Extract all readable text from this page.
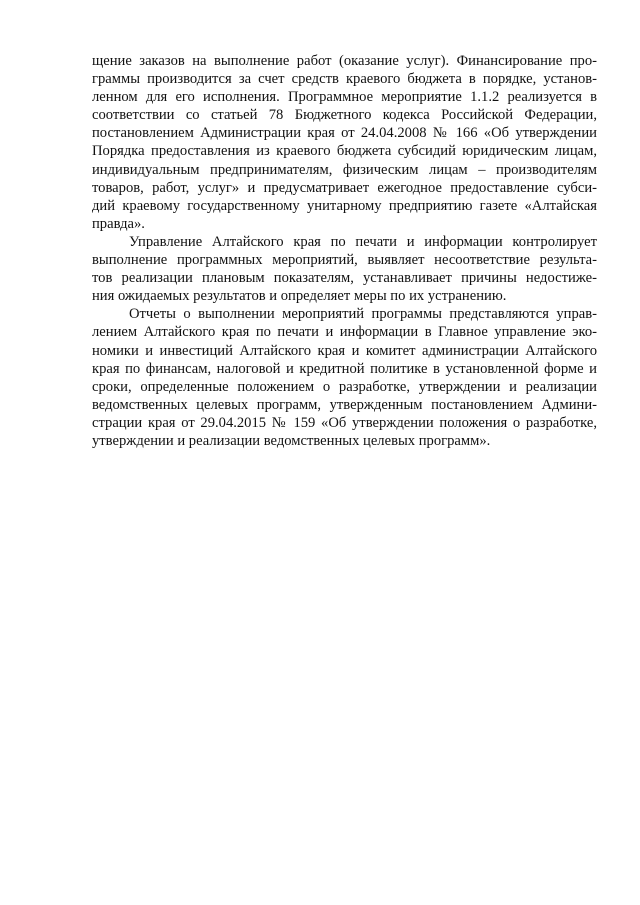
щение заказов на выполнение работ (оказание услуг). Финансирование про-
граммы производится за счет средств краевого бюджета в порядке, установ-
ленном для его исполнения. Программное мероприятие 1.1.2 реализуется в
соответствии со статьей 78 Бюджетного кодекса Российской Федерации,
постановлением Администрации края от 24.04.2008 № 166 «Об утверждении
Порядка предоставления из краевого бюджета субсидий юридическим лицам,
индивидуальным предпринимателям, физическим лицам – производителям
товаров, работ, услуг» и предусматривает ежегодное предоставление субси-
дий краевому государственному унитарному предприятию газете «Алтайская
правда».
Управление Алтайского края по печати и информации контролирует
выполнение программных мероприятий, выявляет несоответствие результа-
тов реализации плановым показателям, устанавливает причины недостиже-
ния ожидаемых результатов и определяет меры по их устранению.
Отчеты о выполнении мероприятий программы представляются управ-
лением Алтайского края по печати и информации в Главное управление эко-
номики и инвестиций Алтайского края и комитет администрации Алтайского
края по финансам, налоговой и кредитной политике в установленной форме и
сроки, определенные положением о разработке, утверждении и реализации
ведомственных целевых программ, утвержденным постановлением Админи-
страции края от 29.04.2015 № 159 «Об утверждении положения о разработке,
утверждении и реализации ведомственных целевых программ».
